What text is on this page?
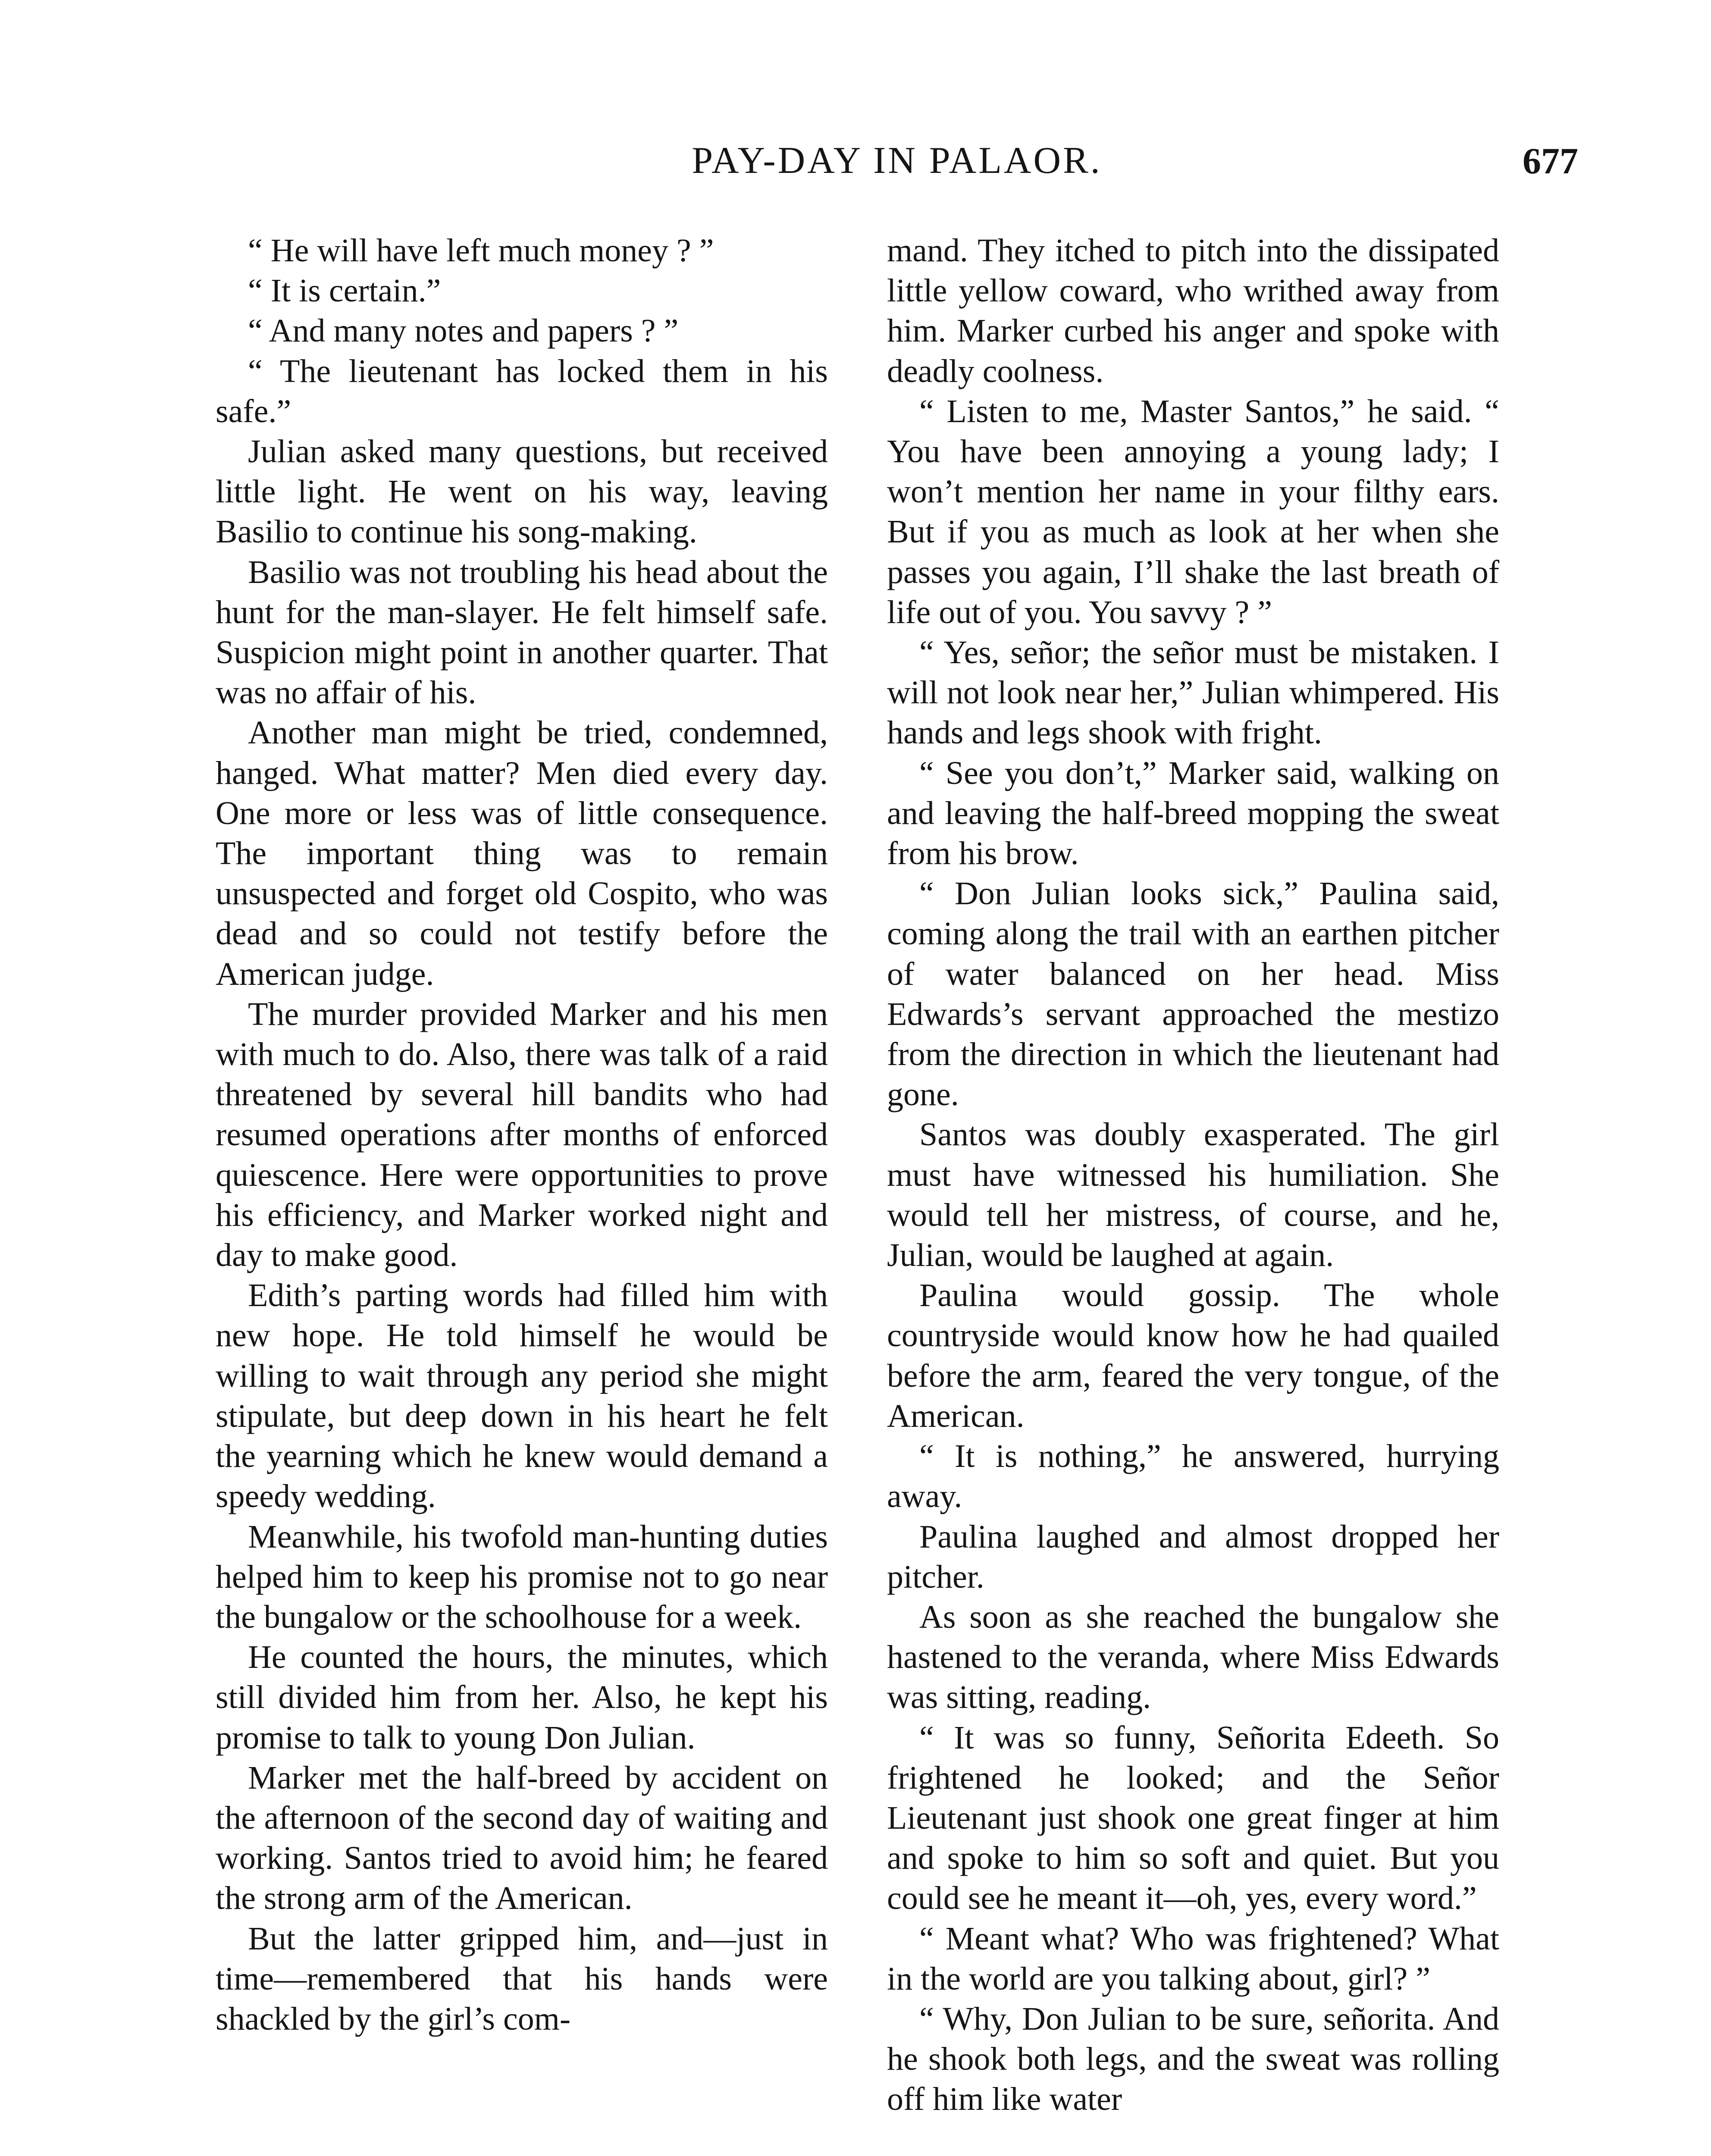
PAY-DAY IN PALAOR.	677

“ He will have left much money ? ”

“ It is certain.”

“ And many notes and papers ? ”

“ The lieutenant has locked them in his safe.”

Julian asked many questions, but received little light. He went on his way, leaving Basilio to continue his song-making.

Basilio was not troubling his head about the hunt for the man-slayer. He felt himself safe. Suspicion might point in another quarter. That was no affair of his.

Another man might be tried, condemned, hanged. What matter? Men died every day. One more or less was of little consequence. The important thing was to remain unsuspected and forget old Cospito, who was dead and so could not testify before the American judge.

The murder provided Marker and his men with much to do. Also, there was talk of a raid threatened by several hill bandits who had resumed operations after months of enforced quiescence. Here were opportunities to prove his efficiency, and Marker worked night and day to make good.

Edith’s parting words had filled him with new hope. He told himself he would be willing to wait through any period she might stipulate, but deep down in his heart he felt the yearning which he knew would demand a speedy wedding.

Meanwhile, his twofold man-hunting duties helped him to keep his promise not to go near the bungalow or the schoolhouse for a week.

He counted the hours, the minutes, which still divided him from her. Also, he kept his promise to talk to young Don Julian.

Marker met the half-breed by accident on the afternoon of the second day of waiting and working. Santos tried to avoid him; he feared the strong arm of the American.

But the latter gripped him, and—just in time—remembered that his hands were shackled by the girl’s com-

mand. They itched to pitch into the dissipated little yellow coward, who writhed away from him. Marker curbed his anger and spoke with deadly coolness.

“ Listen to me, Master Santos,” he said. “ You have been annoying a young lady; I won’t mention her name in your filthy ears. But if you as much as look at her when she passes you again, I’ll shake the last breath of life out of you. You savvy ? ”

“ Yes, señor; the señor must be mistaken. I will not look near her,” Julian whimpered. His hands and legs shook with fright.

“ See you don’t,” Marker said, walking on and leaving the half-breed mopping the sweat from his brow.

“ Don Julian looks sick,” Paulina said, coming along the trail with an earthen pitcher of water balanced on her head. Miss Edwards’s servant approached the mestizo from the direction in which the lieutenant had gone.

Santos was doubly exasperated. The girl must have witnessed his humiliation. She would tell her mistress, of course, and he, Julian, would be laughed at again.

Paulina would gossip. The whole countryside would know how he had quailed before the arm, feared the very tongue, of the American.

“ It is nothing,” he answered, hurrying away.

Paulina laughed and almost dropped her pitcher.

As soon as she reached the bungalow she hastened to the veranda, where Miss Edwards was sitting, reading.

“ It was so funny, Señorita Edeeth. So frightened he looked; and the Señor Lieutenant just shook one great finger at him and spoke to him so soft and quiet. But you could see he meant it—oh, yes, every word.”

“ Meant what? Who was frightened? What in the world are you talking about, girl? ”

“ Why, Don Julian to be sure, señorita. And he shook both legs, and the sweat was rolling off him like water
